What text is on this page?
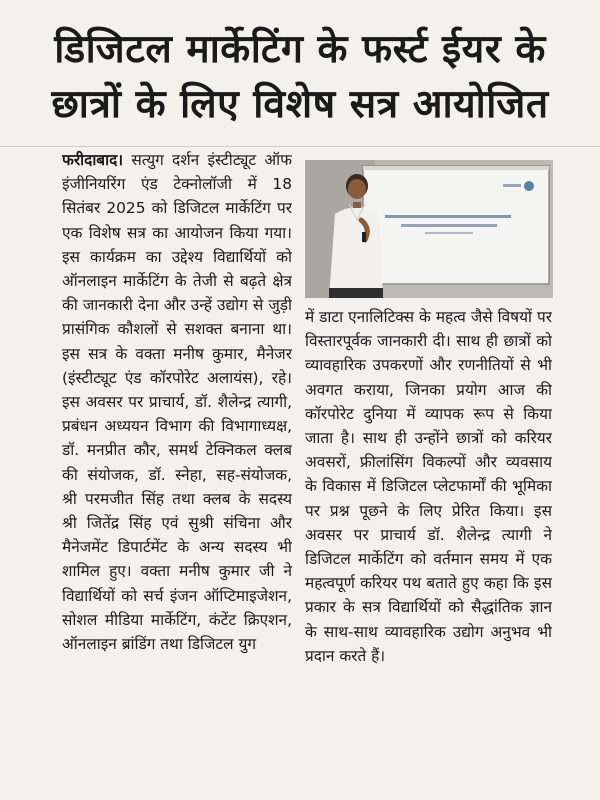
डिजिटल मार्केटिंग के फर्स्ट ईयर के
छात्रों के लिए विशेष सत्र आयोजित
फरीदाबाद। सत्युग दर्शन इंस्टीट्यूट ऑफ इंजीनियरिंग एंड टेक्नोलॉजी में 18 सितंबर 2025 को डिजिटल मार्केटिंग पर एक विशेष सत्र का आयोजन किया गया। इस कार्यक्रम का उद्देश्य विद्यार्थियों को ऑनलाइन मार्केटिंग के तेजी से बढ़ते क्षेत्र की जानकारी देना और उन्हें उद्योग से जुड़ी प्रासंगिक कौशलों से सशक्त बनाना था। इस सत्र के वक्ता मनीष कुमार, मैनेजर (इंस्टीट्यूट एंड कॉरपोरेट अलायंस), रहे। इस अवसर पर प्राचार्य, डॉ. शैलेन्द्र त्यागी, प्रबंधन अध्ययन विभाग की विभागाध्यक्ष, डॉ. मनप्रीत कौर, समर्थ टेक्निकल क्लब की संयोजक, डॉ. स्नेहा, सह-संयोजक, श्री परमजीत सिंह तथा क्लब के सदस्य श्री जितेंद्र सिंह एवं सुश्री संचिना और मैनेजमेंट डिपार्टमेंट के अन्य सदस्य भी शामिल हुए। वक्ता मनीष कुमार जी ने विद्यार्थियों को सर्च इंजन ऑप्टिमाइजेशन, सोशल मीडिया मार्केटिंग, कंटेंट क्रिएशन, ऑनलाइन ब्रांडिंग तथा डिजिटल युग
में डाटा एनालिटिक्स के महत्व जैसे विषयों पर विस्तारपूर्वक जानकारी दी। साथ ही छात्रों को व्यावहारिक उपकरणों और रणनीतियों से भी अवगत कराया, जिनका प्रयोग आज की कॉरपोरेट दुनिया में व्यापक रूप से किया जाता है। साथ ही उन्होंने छात्रों को करियर अवसरों, फ्रीलांसिंग विकल्पों और व्यवसाय के विकास में डिजिटल प्लेटफार्मों की भूमिका पर प्रश्न पूछने के लिए प्रेरित किया। इस अवसर पर प्राचार्य डॉ. शैलेन्द्र त्यागी ने डिजिटल मार्केटिंग को वर्तमान समय में एक महत्वपूर्ण करियर पथ बताते हुए कहा कि इस प्रकार के सत्र विद्यार्थियों को सैद्धांतिक ज्ञान के साथ-साथ व्यावहारिक उद्योग अनुभव भी प्रदान करते हैं।
